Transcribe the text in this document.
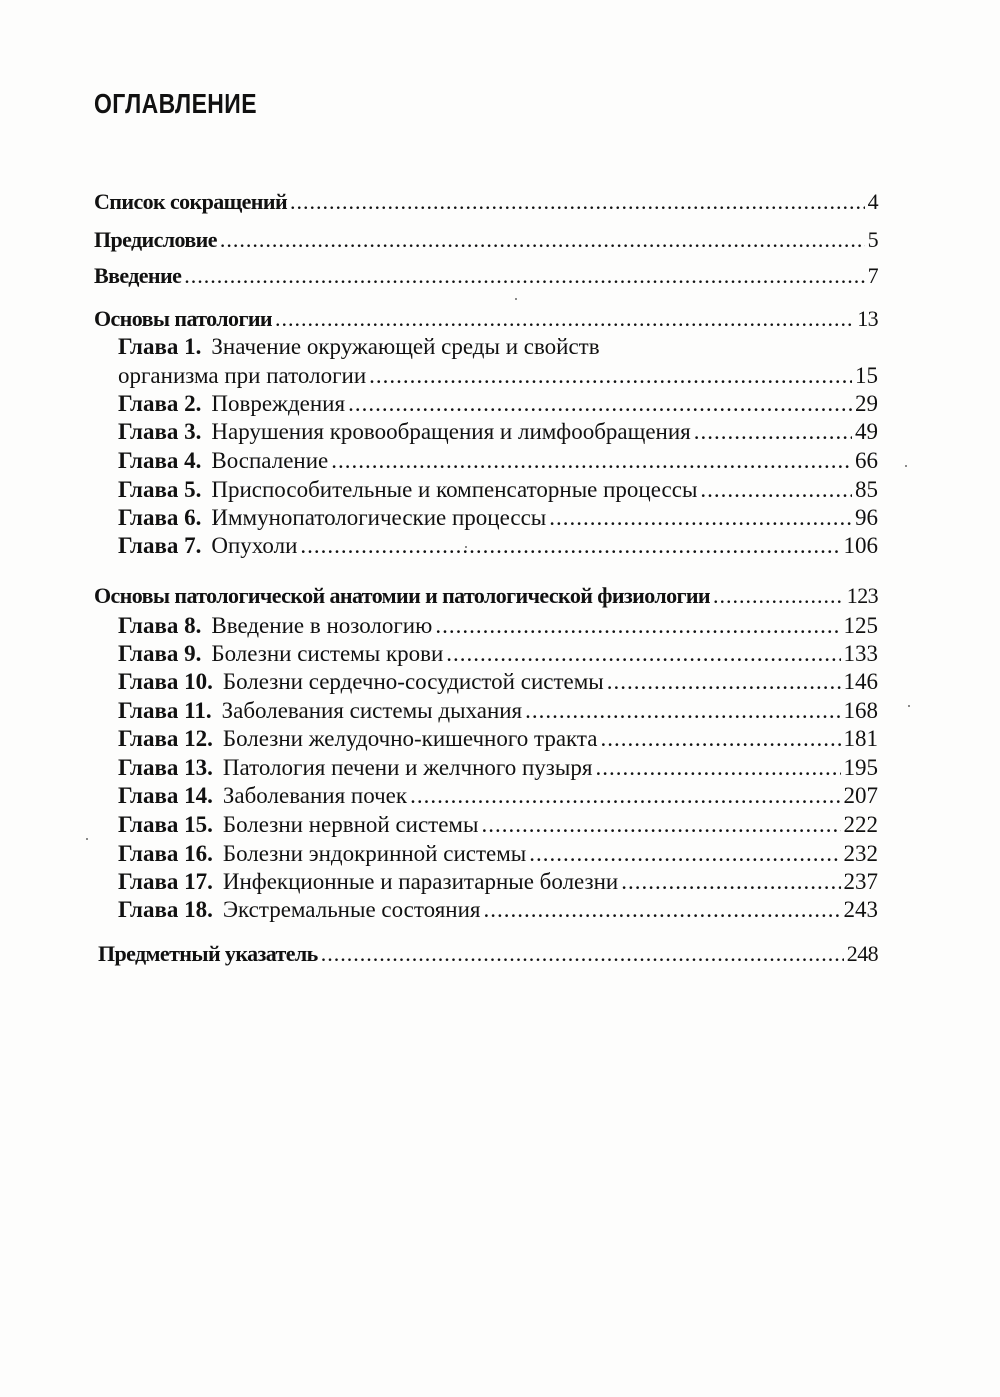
ОГЛАВЛЕНИЕ
Список сокращений .....	4
Предисловие .....	5
Введение .....	7
Основы патологии .....	13
Глава 1. Значение окружающей среды и свойств
организма при патологии .....	15
Глава 2. Повреждения .....	29
Глава 3. Нарушения кровообращения и лимфообращения .....	49
Глава 4. Воспаление .....	66
Глава 5. Приспособительные и компенсаторные процессы .....	85
Глава 6. Иммунопатологические процессы .....	96
Глава 7. Опухоли .....	106
Основы патологической анатомии и патологической физиологии .....	123
Глава 8. Введение в нозологию .....	125
Глава 9. Болезни системы крови .....	133
Глава 10. Болезни сердечно-сосудистой системы .....	146
Глава 11. Заболевания системы дыхания .....	168
Глава 12. Болезни желудочно-кишечного тракта .....	181
Глава 13. Патология печени и желчного пузыря .....	195
Глава 14. Заболевания почек .....	207
Глава 15. Болезни нервной системы .....	222
Глава 16. Болезни эндокринной системы .....	232
Глава 17. Инфекционные и паразитарные болезни .....	237
Глава 18. Экстремальные состояния .....	243
Предметный указатель .....	248
